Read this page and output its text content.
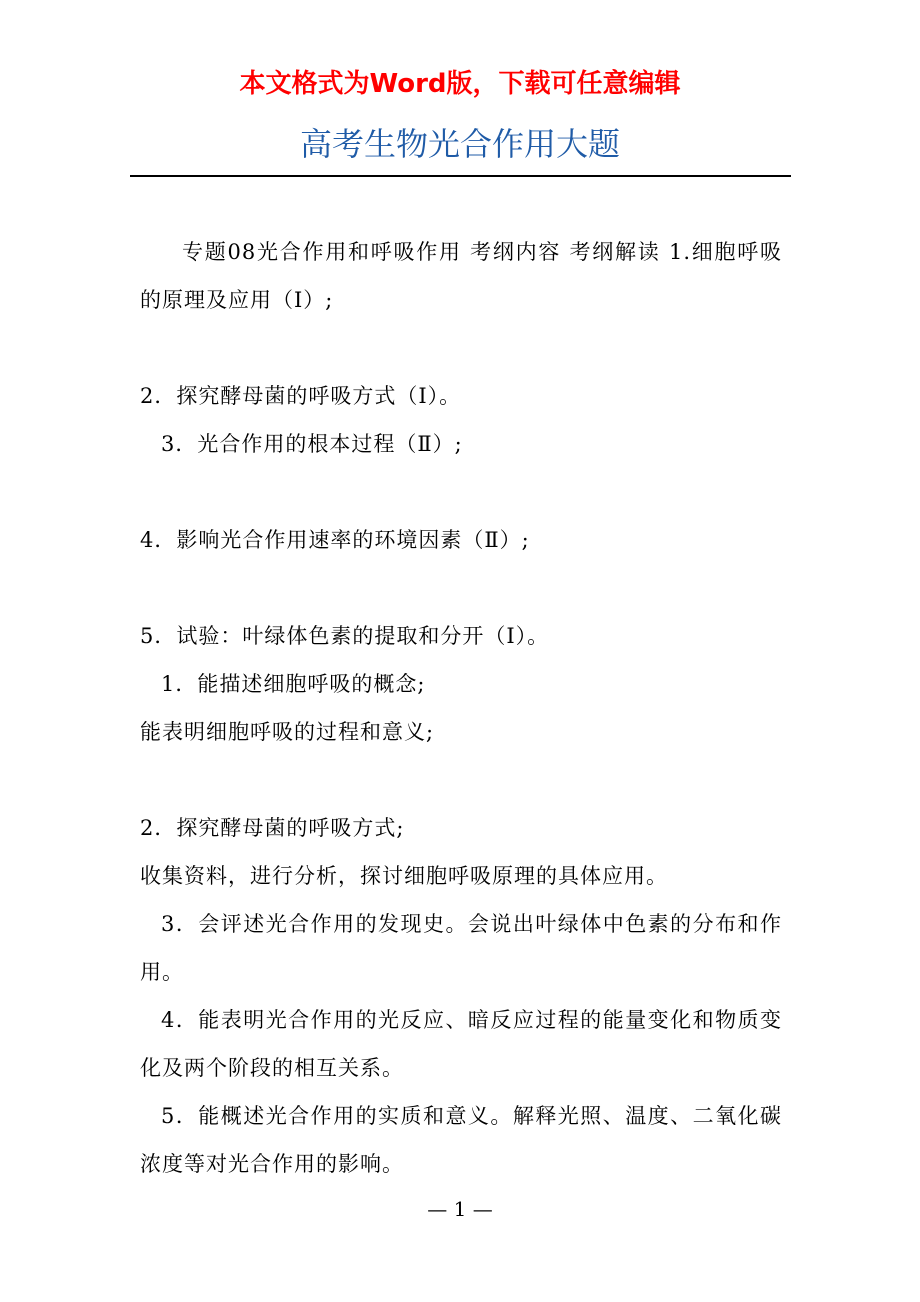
本文格式为Word版，下载可任意编辑
高考生物光合作用大题

专题08光合作用和呼吸作用 考纲内容 考纲解读 1.细胞呼吸的原理及应用（Ⅰ）;

2．探究酵母菌的呼吸方式（Ⅰ）。

3．光合作用的根本过程（Ⅱ）;

4．影响光合作用速率的环境因素（Ⅱ）;

5．试验：叶绿体色素的提取和分开（Ⅰ）。

1．能描述细胞呼吸的概念;

能表明细胞呼吸的过程和意义;

2．探究酵母菌的呼吸方式;

收集资料，进行分析，探讨细胞呼吸原理的具体应用。

3．会评述光合作用的发现史。会说出叶绿体中色素的分布和作用。

4．能表明光合作用的光反应、暗反应过程的能量变化和物质变化及两个阶段的相互关系。

5．能概述光合作用的实质和意义。解释光照、温度、二氧化碳浓度等对光合作用的影响。

— 1 —
